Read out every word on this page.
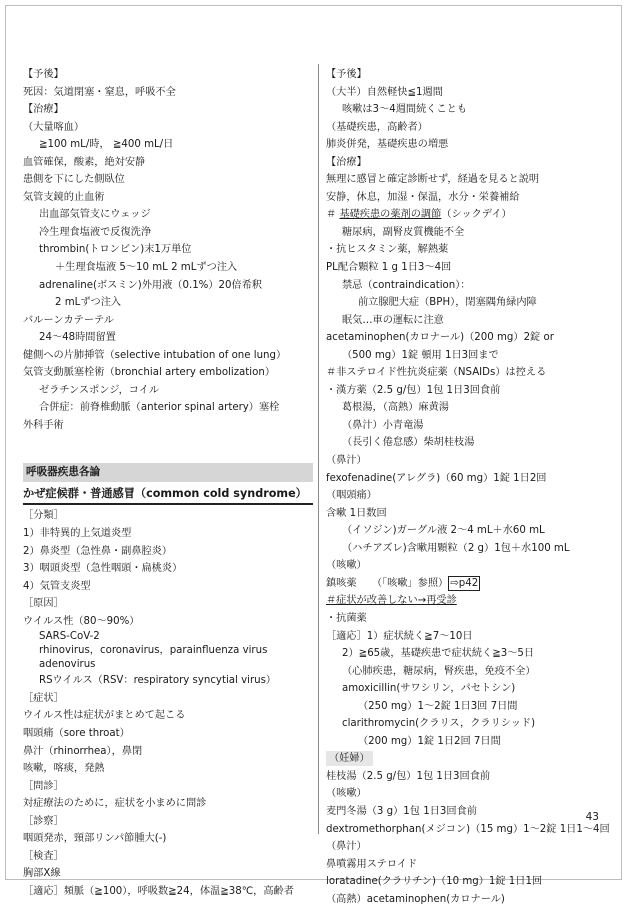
【予後】
死因：気道閉塞・窒息，呼吸不全
【治療】
（大量喀血）
≧100 mL/時， ≧400 mL/日
血管確保，酸素，絶対安静
患側を下にした側臥位
気管支鏡的止血術
出血部気管支にウェッジ
冷生理食塩液で反復洗浄
thrombin(トロンビン)末1万単位
＋生理食塩液 5～10 mL 2 mLずつ注入
adrenaline(ボスミン)外用液（0.1%）20倍希釈
2 mLずつ注入
バルーンカテーテル
24～48時間留置
健側への片肺挿管（selective intubation of one lung）
気管支動脈塞栓術（bronchial artery embolization）
ゼラチンスポンジ，コイル
合併症：前脊椎動脈（anterior spinal artery）塞栓
外科手術
呼吸器疾患各論
かぜ症候群・普通感冒（common cold syndrome）
［分類］
1）非特異的上気道炎型
2）鼻炎型（急性鼻・副鼻腔炎）
3）咽頭炎型（急性咽頭・扁桃炎）
4）気管支炎型
［原因］
ウイルス性（80～90%）
SARS-CoV-2
rhinovirus，coronavirus，parainfluenza virus
adenovirus
RSウイルス（RSV：respiratory syncytial virus）
［症状］
ウイルス性は症状がまとめて起こる
咽頭痛（sore throat）
鼻汁（rhinorrhea），鼻閉
咳嗽，喀痰，発熱
［問診］
対症療法のために，症状を小まめに問診
［診察］
咽頭発赤，頸部リンパ節腫大(-)
［検査］
胸部X線
［適応］頻脈（≧100），呼吸数≧24，体温≧38℃，高齢者
【予後】
（大半）自然軽快≦1週間
咳嗽は3～4週間続くことも
（基礎疾患，高齢者）
肺炎併発，基礎疾患の増悪
【治療】
無理に感冒と確定診断せず，経過を見ると説明
安静，休息，加湿・保温，水分・栄養補給
＃ 基礎疾患の薬剤の調節（シックデイ）
糖尿病，副腎皮質機能不全
・抗ヒスタミン薬，解熱薬
PL配合顆粒 1 g 1日3～4回
禁忌（contraindication）：
前立腺肥大症（BPH），閉塞隅角緑内障
眠気…車の運転に注意
acetaminophen(カロナール)（200 mg）2錠 or
（500 mg）1錠 頓用 1日3回まで
＃非ステロイド性抗炎症薬（NSAIDs）は控える
・漢方薬（2.5 g/包）1包 1日3回食前
葛根湯，（高熱）麻黄湯
（鼻汁）小青竜湯
（長引く倦怠感）柴胡桂枝湯
（鼻汁）
fexofenadine(アレグラ)（60 mg）1錠 1日2回
（咽頭痛）
含嗽 1日数回
（イソジン)ガーグル液 2～4 mL＋水60 mL
（ハチアズレ)含嗽用顆粒（2 g）1包＋水100 mL
（咳嗽）
鎮咳薬　　（「咳嗽」参照） ⇨p42
＃症状が改善しない→再受診
・抗菌薬
［適応］1）症状続く≧7～10日
2）≧65歳，基礎疾患で症状続く≧3～5日
（心肺疾患，糖尿病，腎疾患，免疫不全）
amoxicillin(サワシリン，パセトシン)
（250 mg）1～2錠 1日3回 7日間
clarithromycin(クラリス，クラリシッド)
（200 mg）1錠 1日2回 7日間
（妊婦）
桂枝湯（2.5 g/包）1包 1日3回食前
（咳嗽）
麦門冬湯（3 g）1包 1日3回食前
dextromethorphan(メジコン)（15 mg）1～2錠 1日1～4回
（鼻汁）
鼻噴霧用ステロイド
loratadine(クラリチン)（10 mg）1錠 1日1回
（高熱）acetaminophen(カロナール)
43
